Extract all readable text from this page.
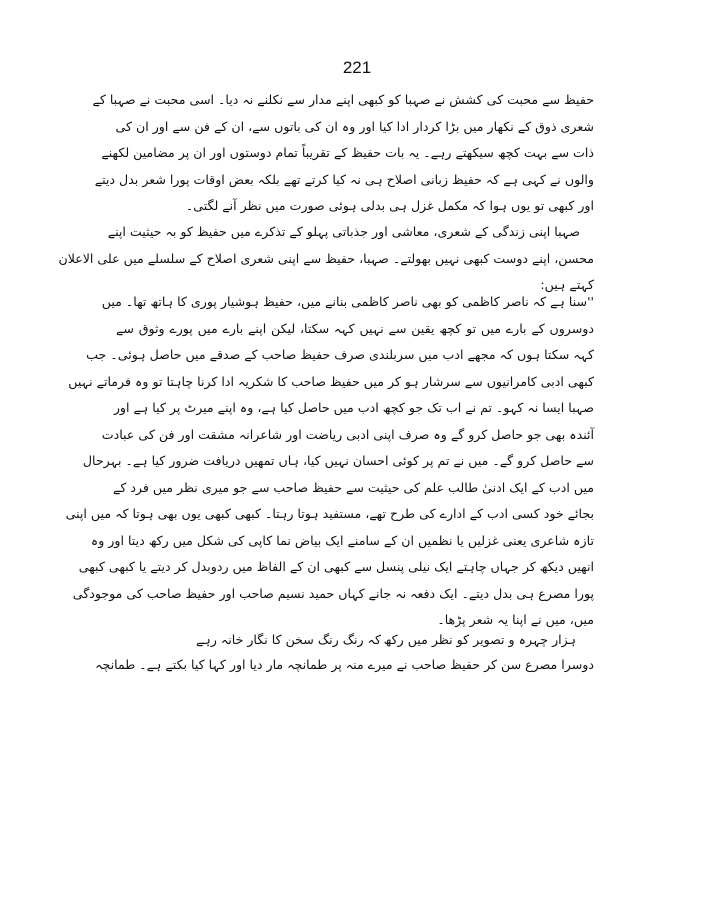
221
حفیظ سے محبت کی کشش نے صہبا کو کبھی اپنے مدار سے نکلنے نہ دیا۔ اسی محبت نے صہبا کے
شعری ذوق کے نکھار میں بڑا کردار ادا کیا اور وہ ان کی باتوں سے، ان کے فن سے اور ان کی
ذات سے بہت کچھ سیکھتے رہے۔ یہ بات حفیظ کے تقریباً تمام دوستوں اور ان پر مضامین لکھنے
والوں نے کہی ہے کہ حفیظ زبانی اصلاح ہی نہ کیا کرتے تھے بلکہ بعض اوقات پورا شعر بدل دیتے
اور کبھی تو یوں ہوا کہ مکمل غزل ہی بدلی ہوئی صورت میں نظر آنے لگتی۔
صہبا اپنی زندگی کے شعری، معاشی اور جذباتی پہلو کے تذکرے میں حفیظ کو بہ حیثیت اپنے
محسن، اپنے دوست کبھی نہیں بھولتے۔ صہبا، حفیظ سے اپنی شعری اصلاح کے سلسلے میں علی الاعلان
کہتے ہیں:
''سنا ہے کہ ناصر کاظمی کو بھی ناصر کاظمی بنانے میں، حفیظ ہوشیار پوری کا ہاتھ تھا۔ میں
دوسروں کے بارے میں تو کچھ یقین سے نہیں کہہ سکتا، لیکن اپنے بارے میں پورے وثوق سے
کہہ سکتا ہوں کہ مجھے ادب میں سربلندی صرف حفیظ صاحب کے صدقے میں حاصل ہوئی۔ جب
کبھی ادبی کامرانیوں سے سرشار ہو کر میں حفیظ صاحب کا شکریہ ادا کرنا چاہتا تو وہ فرماتے نہیں
صہبا ایسا نہ کہو۔ تم نے اب تک جو کچھ ادب میں حاصل کیا ہے، وہ اپنے میرٹ پر کیا ہے اور
آئندہ بھی جو حاصل کرو گے وہ صرف اپنی ادبی ریاضت اور شاعرانہ مشقت اور فن کی عبادت
سے حاصل کرو گے۔ میں نے تم پر کوئی احسان نہیں کیا، ہاں تمھیں دریافت ضرور کیا ہے۔ بہرحال
میں ادب کے ایک ادنیٰ طالب علم کی حیثیت سے حفیظ صاحب سے جو میری نظر میں فرد کے
بجائے خود کسی ادب کے ادارے کی طرح تھے، مستفید ہوتا رہتا۔ کبھی کبھی یوں بھی ہوتا کہ میں اپنی
تازہ شاعری یعنی غزلیں یا نظمیں ان کے سامنے ایک بیاض نما کاپی کی شکل میں رکھ دیتا اور وہ
انھیں دیکھ کر جہاں چاہتے ایک نیلی پنسل سے کبھی ان کے الفاظ میں ردوبدل کر دیتے یا کبھی کبھی
پورا مصرع ہی بدل دیتے۔ ایک دفعہ نہ جانے کہاں حمید نسیم صاحب اور حفیظ صاحب کی موجودگی
میں، میں نے اپنا یہ شعر پڑھا۔
ہزار چہرہ و تصویر کو نظر میں رکھ
کہ رنگ رنگ سخن کا نگار خانہ رہے
دوسرا مصرع سن کر حفیظ صاحب نے میرے منہ پر طمانچہ مار دیا اور کہا کیا بکتے ہے۔ طمانچہ
